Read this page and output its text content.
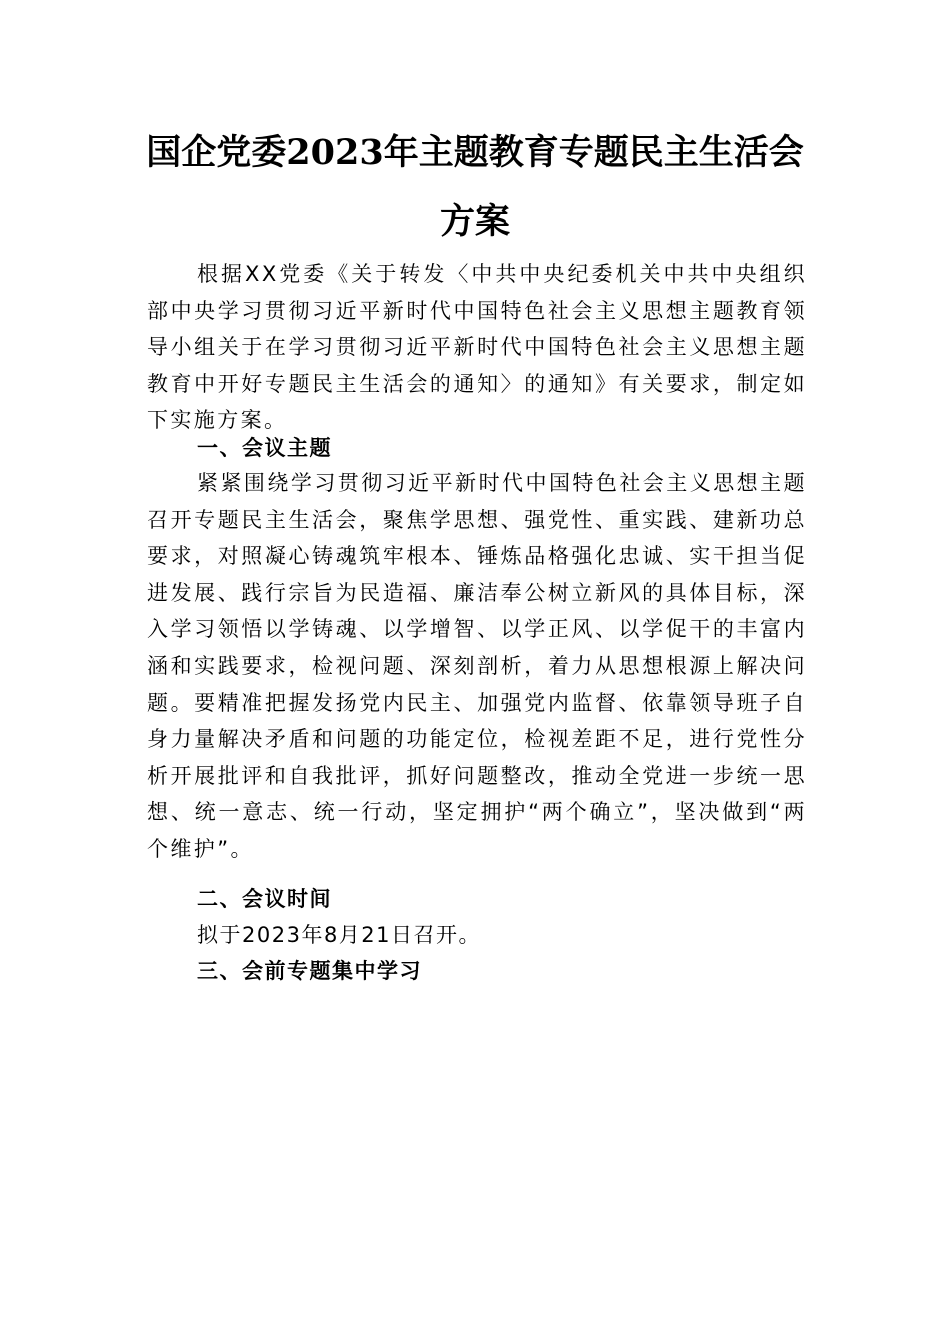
国企党委2023年主题教育专题民主生活会
方案
根据XX党委《关于转发〈中共中央纪委机关中共中央组织部中央学习贯彻习近平新时代中国特色社会主义思想主题教育领导小组关于在学习贯彻习近平新时代中国特色社会主义思想主题教育中开好专题民主生活会的通知〉的通知》有关要求，制定如下实施方案。
一、会议主题
紧紧围绕学习贯彻习近平新时代中国特色社会主义思想主题召开专题民主生活会，聚焦学思想、强党性、重实践、建新功总要求，对照凝心铸魂筑牢根本、锤炼品格强化忠诚、实干担当促进发展、践行宗旨为民造福、廉洁奉公树立新风的具体目标，深入学习领悟以学铸魂、以学增智、以学正风、以学促干的丰富内涵和实践要求，检视问题、深刻剖析，着力从思想根源上解决问题。要精准把握发扬党内民主、加强党内监督、依靠领导班子自身力量解决矛盾和问题的功能定位，检视差距不足，进行党性分析开展批评和自我批评，抓好问题整改，推动全党进一步统一思想、统一意志、统一行动，坚定拥护“两个确立”，坚决做到“两个维护”。
二、会议时间
拟于2023年8月21日召开。
三、会前专题集中学习
